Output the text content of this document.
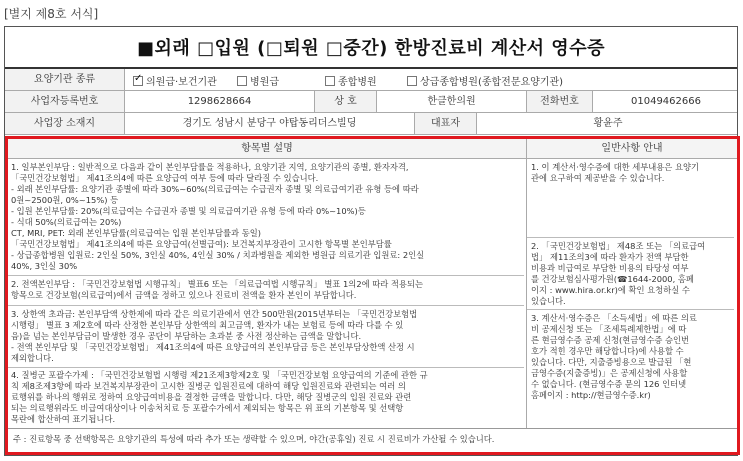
[별지 제8호 서식]
■외래 □입원 (□퇴원 □중간) 한방진료비 계산서 영수증
요양기관 종류
✓	의원급·보건기관	병원급	종합병원	상급종합병원(종합전문요양기관)
사업자등록번호	1298628664	상 호	한클한의원	전화번호	01049462666
사업장 소재지	경기도 성남시 분당구 야탑동리더스빌딩	대표자	황윤주
항목별 설명	일반사항 안내

1. 일부본인부담 : 일반적으로 다음과 같이 본인부담률을 적용하나, 요양기관 지역, 요양기관의 종별, 환자자격,

「국민건강보험법」 제41조의4에 따른 요양급여 여부 등에 따라 달라질 수 있습니다.

- 외래 본인부담률: 요양기관 종별에 따라 30%~60%(의료급여는 수급권자 종별 및 의료급여기관 유형 등에 따라

0원~2500원, 0%~15%) 등

- 입원 본인부담률: 20%(의료급여는 수급권자 종별 및 의료급여기관 유형 등에 따라 0%~10%)등

- 식대 50%(의료급여는 20%)

CT, MRI, PET: 외래 본인부담률(의료급여는 입원 본인부담률과 동일)

「국민건강보험법」 제41조의4에 따른 요양급여(선별급여): 보건복지부장관이 고시한 항목별 본인부담률

- 상급종합병원 입원료: 2인실 50%, 3인실 40%, 4인실 30% / 치과병원을 제외한 병원급 의료기관 입원료: 2인실

40%, 3인실 30%

2. 전액본인부담 : 「국민건강보험법 시행규칙」 별표6 또는 「의료급여법 시행규칙」 별표 1의2에 따라 적용되는

항목으로 건강보험(의료급여)에서 금액을 정하고 있으나 진료비 전액을 환자 본인이 부담합니다.

3. 상한액 초과금: 본인부담액 상한제에 따라 같은 의료기관에서 연간 500만원(2015년부터는 「국민건강보험법

시행령」 별표 3 제2호에 따라 산정한 본인부담 상한액의 최고금액, 환자가 내는 보험료 등에 따라 다를 수 있

음)을 넘는 본인부담금이 발생한 경우 공단이 부담하는 초과분 중 사전 정산하는 금액을 말합니다.

- 전액 본인부담 및 「국민건강보험법」 제41조의4에 따른 요양급여의 본인부담금 등은 본인부담상한액 산정 시

제외합니다.

4. 질병군 포괄수가제 : 「국민건강보험법 시행령 제21조제3항제2호 및 「국민건강보험 요양급여의 기준에 관한 규

칙 제8조제3항에 따라 보건복지부장관이 고시한 질병군 입원진료에 대하여 해당 입원진료와 관련되는 여러 의

료행위를 하나의 행위로 정하여 요양급여비용을 결정한 금액을 말합니다. 다만, 해당 질병군의 입원 진료와 관련

되는 의료행위라도 비급여대상이나 이송처치료 등 포괄수가에서 제외되는 항목은 위 표의 기본항목 및 선택항

목란에 합산하여 표기됩니다.

1. 이 계산서·영수증에 대한 세부내용은 요양기

관에 요구하여 제공받을 수 있습니다.

2. 「국민건강보험법」 제48조 또는 「의료급여

법」 제11조의3에 따라 환자가 전액 부담한

비용과 비급여로 부담한 비용의 타당성 여부

를 건강보험심사평가원(☎1644-2000, 홈페

이지 : www.hira.or.kr)에 확인 요청하실 수

있습니다.

3. 계산서·영수증은 「소득세법」에 따른 의료

비 공제신청 또는 「조세특례제한법」에 따

른 현금영수증 공제 신청(현금영수증 승인번

호가 적힌 경우만 해당합니다)에 사용할 수

있습니다. 다만, 지출증빙용으로 발급된 「현

금영수증(지출증빙)」은 공제신청에 사용할

수 없습니다. (현금영수증 문의 126 인터넷

홈페이지 : http://현금영수증.kr)

주 : 진료항목 중 선택항목은 요양기관의 특성에 따라 추가 또는 생략할 수 있으며, 야간(공휴일) 진료 시 진료비가 가산될 수 있습니다.
